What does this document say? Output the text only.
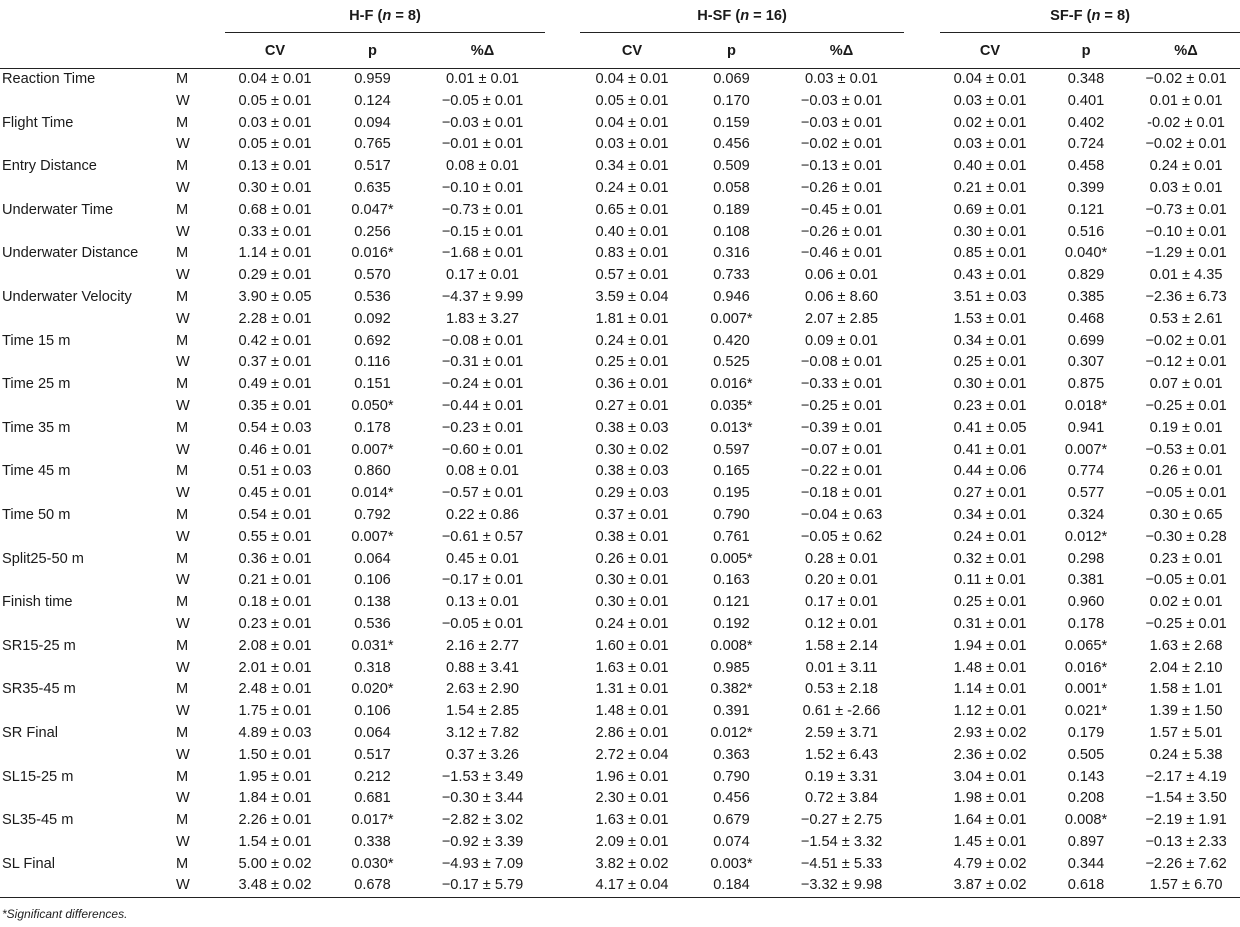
		H-F (n = 8)				H-SF (n = 16)				SF-F (n = 8)		
		CV	p	%Δ		CV	p	%Δ		CV	p	%Δ
Reaction Time	M	0.04 ± 0.01	0.959	0.01 ± 0.01		0.04 ± 0.01	0.069	0.03 ± 0.01		0.04 ± 0.01	0.348	−0.02 ± 0.01
	W	0.05 ± 0.01	0.124	−0.05 ± 0.01		0.05 ± 0.01	0.170	−0.03 ± 0.01		0.03 ± 0.01	0.401	0.01 ± 0.01
Flight Time	M	0.03 ± 0.01	0.094	−0.03 ± 0.01		0.04 ± 0.01	0.159	−0.03 ± 0.01		0.02 ± 0.01	0.402	-0.02 ± 0.01
	W	0.05 ± 0.01	0.765	−0.01 ± 0.01		0.03 ± 0.01	0.456	−0.02 ± 0.01		0.03 ± 0.01	0.724	−0.02 ± 0.01
Entry Distance	M	0.13 ± 0.01	0.517	0.08 ± 0.01		0.34 ± 0.01	0.509	−0.13 ± 0.01		0.40 ± 0.01	0.458	0.24 ± 0.01
	W	0.30 ± 0.01	0.635	−0.10 ± 0.01		0.24 ± 0.01	0.058	−0.26 ± 0.01		0.21 ± 0.01	0.399	0.03 ± 0.01
Underwater Time	M	0.68 ± 0.01	0.047*	−0.73 ± 0.01		0.65 ± 0.01	0.189	−0.45 ± 0.01		0.69 ± 0.01	0.121	−0.73 ± 0.01
	W	0.33 ± 0.01	0.256	−0.15 ± 0.01		0.40 ± 0.01	0.108	−0.26 ± 0.01		0.30 ± 0.01	0.516	−0.10 ± 0.01
Underwater Distance	M	1.14 ± 0.01	0.016*	−1.68 ± 0.01		0.83 ± 0.01	0.316	−0.46 ± 0.01		0.85 ± 0.01	0.040*	−1.29 ± 0.01
	W	0.29 ± 0.01	0.570	0.17 ± 0.01		0.57 ± 0.01	0.733	0.06 ± 0.01		0.43 ± 0.01	0.829	0.01 ± 4.35
Underwater Velocity	M	3.90 ± 0.05	0.536	−4.37 ± 9.99		3.59 ± 0.04	0.946	0.06 ± 8.60		3.51 ± 0.03	0.385	−2.36 ± 6.73
	W	2.28 ± 0.01	0.092	1.83 ± 3.27		1.81 ± 0.01	0.007*	2.07 ± 2.85		1.53 ± 0.01	0.468	0.53 ± 2.61
Time 15 m	M	0.42 ± 0.01	0.692	−0.08 ± 0.01		0.24 ± 0.01	0.420	0.09 ± 0.01		0.34 ± 0.01	0.699	−0.02 ± 0.01
	W	0.37 ± 0.01	0.116	−0.31 ± 0.01		0.25 ± 0.01	0.525	−0.08 ± 0.01		0.25 ± 0.01	0.307	−0.12 ± 0.01
Time 25 m	M	0.49 ± 0.01	0.151	−0.24 ± 0.01		0.36 ± 0.01	0.016*	−0.33 ± 0.01		0.30 ± 0.01	0.875	0.07 ± 0.01
	W	0.35 ± 0.01	0.050*	−0.44 ± 0.01		0.27 ± 0.01	0.035*	−0.25 ± 0.01		0.23 ± 0.01	0.018*	−0.25 ± 0.01
Time 35 m	M	0.54 ± 0.03	0.178	−0.23 ± 0.01		0.38 ± 0.03	0.013*	−0.39 ± 0.01		0.41 ± 0.05	0.941	0.19 ± 0.01
	W	0.46 ± 0.01	0.007*	−0.60 ± 0.01		0.30 ± 0.02	0.597	−0.07 ± 0.01		0.41 ± 0.01	0.007*	−0.53 ± 0.01
Time 45 m	M	0.51 ± 0.03	0.860	0.08 ± 0.01		0.38 ± 0.03	0.165	−0.22 ± 0.01		0.44 ± 0.06	0.774	0.26 ± 0.01
	W	0.45 ± 0.01	0.014*	−0.57 ± 0.01		0.29 ± 0.03	0.195	−0.18 ± 0.01		0.27 ± 0.01	0.577	−0.05 ± 0.01
Time 50 m	M	0.54 ± 0.01	0.792	0.22 ± 0.86		0.37 ± 0.01	0.790	−0.04 ± 0.63		0.34 ± 0.01	0.324	0.30 ± 0.65
	W	0.55 ± 0.01	0.007*	−0.61 ± 0.57		0.38 ± 0.01	0.761	−0.05 ± 0.62		0.24 ± 0.01	0.012*	−0.30 ± 0.28
Split25-50 m	M	0.36 ± 0.01	0.064	0.45 ± 0.01		0.26 ± 0.01	0.005*	0.28 ± 0.01		0.32 ± 0.01	0.298	0.23 ± 0.01
	W	0.21 ± 0.01	0.106	−0.17 ± 0.01		0.30 ± 0.01	0.163	0.20 ± 0.01		0.11 ± 0.01	0.381	−0.05 ± 0.01
Finish time	M	0.18 ± 0.01	0.138	0.13 ± 0.01		0.30 ± 0.01	0.121	0.17 ± 0.01		0.25 ± 0.01	0.960	0.02 ± 0.01
	W	0.23 ± 0.01	0.536	−0.05 ± 0.01		0.24 ± 0.01	0.192	0.12 ± 0.01		0.31 ± 0.01	0.178	−0.25 ± 0.01
SR15-25 m	M	2.08 ± 0.01	0.031*	2.16 ± 2.77		1.60 ± 0.01	0.008*	1.58 ± 2.14		1.94 ± 0.01	0.065*	1.63 ± 2.68
	W	2.01 ± 0.01	0.318	0.88 ± 3.41		1.63 ± 0.01	0.985	0.01 ± 3.11		1.48 ± 0.01	0.016*	2.04 ± 2.10
SR35-45 m	M	2.48 ± 0.01	0.020*	2.63 ± 2.90		1.31 ± 0.01	0.382*	0.53 ± 2.18		1.14 ± 0.01	0.001*	1.58 ± 1.01
	W	1.75 ± 0.01	0.106	1.54 ± 2.85		1.48 ± 0.01	0.391	0.61 ± -2.66		1.12 ± 0.01	0.021*	1.39 ± 1.50
SR Final	M	4.89 ± 0.03	0.064	3.12 ± 7.82		2.86 ± 0.01	0.012*	2.59 ± 3.71		2.93 ± 0.02	0.179	1.57 ± 5.01
	W	1.50 ± 0.01	0.517	0.37 ± 3.26		2.72 ± 0.04	0.363	1.52 ± 6.43		2.36 ± 0.02	0.505	0.24 ± 5.38
SL15-25 m	M	1.95 ± 0.01	0.212	−1.53 ± 3.49		1.96 ± 0.01	0.790	0.19 ± 3.31		3.04 ± 0.01	0.143	−2.17 ± 4.19
	W	1.84 ± 0.01	0.681	−0.30 ± 3.44		2.30 ± 0.01	0.456	0.72 ± 3.84		1.98 ± 0.01	0.208	−1.54 ± 3.50
SL35-45 m	M	2.26 ± 0.01	0.017*	−2.82 ± 3.02		1.63 ± 0.01	0.679	−0.27 ± 2.75		1.64 ± 0.01	0.008*	−2.19 ± 1.91
	W	1.54 ± 0.01	0.338	−0.92 ± 3.39		2.09 ± 0.01	0.074	−1.54 ± 3.32		1.45 ± 0.01	0.897	−0.13 ± 2.33
SL Final	M	5.00 ± 0.02	0.030*	−4.93 ± 7.09		3.82 ± 0.02	0.003*	−4.51 ± 5.33		4.79 ± 0.02	0.344	−2.26 ± 7.62
	W	3.48 ± 0.02	0.678	−0.17 ± 5.79		4.17 ± 0.04	0.184	−3.32 ± 9.98		3.87 ± 0.02	0.618	1.57 ± 6.70
*Significant differences.
